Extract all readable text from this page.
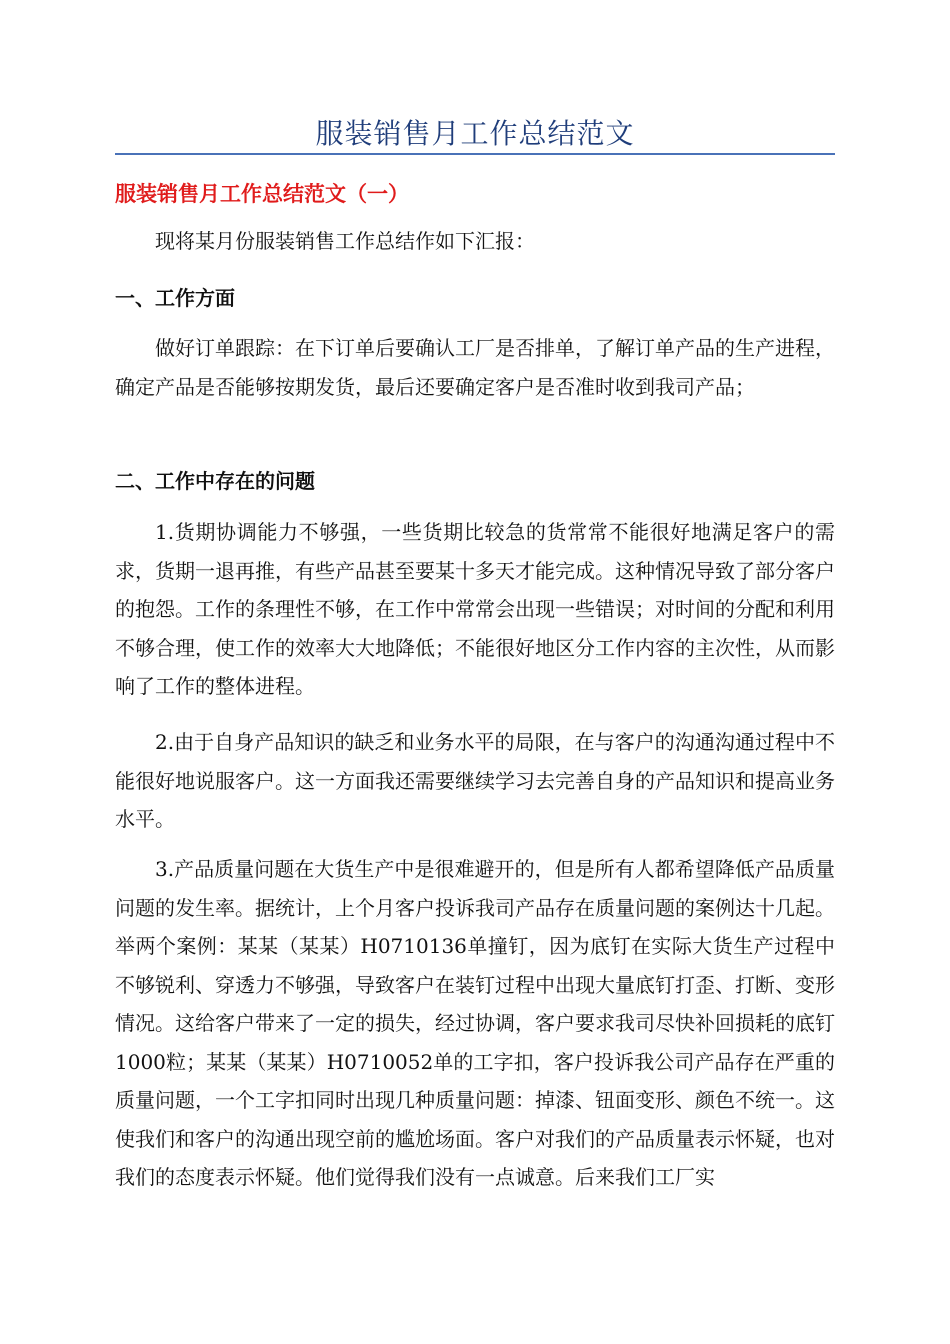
服装销售月工作总结范文
服装销售月工作总结范文（一）

现将某月份服装销售工作总结作如下汇报：

一、工作方面

做好订单跟踪：在下订单后要确认工厂是否排单，了解订单产品的生产进程，确定产品是否能够按期发货，最后还要确定客户是否准时收到我司产品；

二、工作中存在的问题

1.货期协调能力不够强，一些货期比较急的货常常不能很好地满足客户的需求，货期一退再推，有些产品甚至要某十多天才能完成。这种情况导致了部分客户的抱怨。工作的条理性不够，在工作中常常会出现一些错误；对时间的分配和利用不够合理，使工作的效率大大地降低；不能很好地区分工作内容的主次性，从而影响了工作的整体进程。

2.由于自身产品知识的缺乏和业务水平的局限，在与客户的沟通沟通过程中不能很好地说服客户。这一方面我还需要继续学习去完善自身的产品知识和提高业务水平。

3.产品质量问题在大货生产中是很难避开的，但是所有人都希望降低产品质量问题的发生率。据统计，上个月客户投诉我司产品存在质量问题的案例达十几起。举两个案例：某某（某某）H0710136单撞钉，因为底钉在实际大货生产过程中不够锐利、穿透力不够强，导致客户在装钉过程中出现大量底钉打歪、打断、变形情况。这给客户带来了一定的损失，经过协调，客户要求我司尽快补回损耗的底钉1000粒；某某（某某）H0710052单的工字扣，客户投诉我公司产品存在严重的质量问题，一个工字扣同时出现几种质量问题：掉漆、钮面变形、颜色不统一。这使我们和客户的沟通出现空前的尴尬场面。客户对我们的产品质量表示怀疑，也对我们的态度表示怀疑。他们觉得我们没有一点诚意。后来我们工厂实
